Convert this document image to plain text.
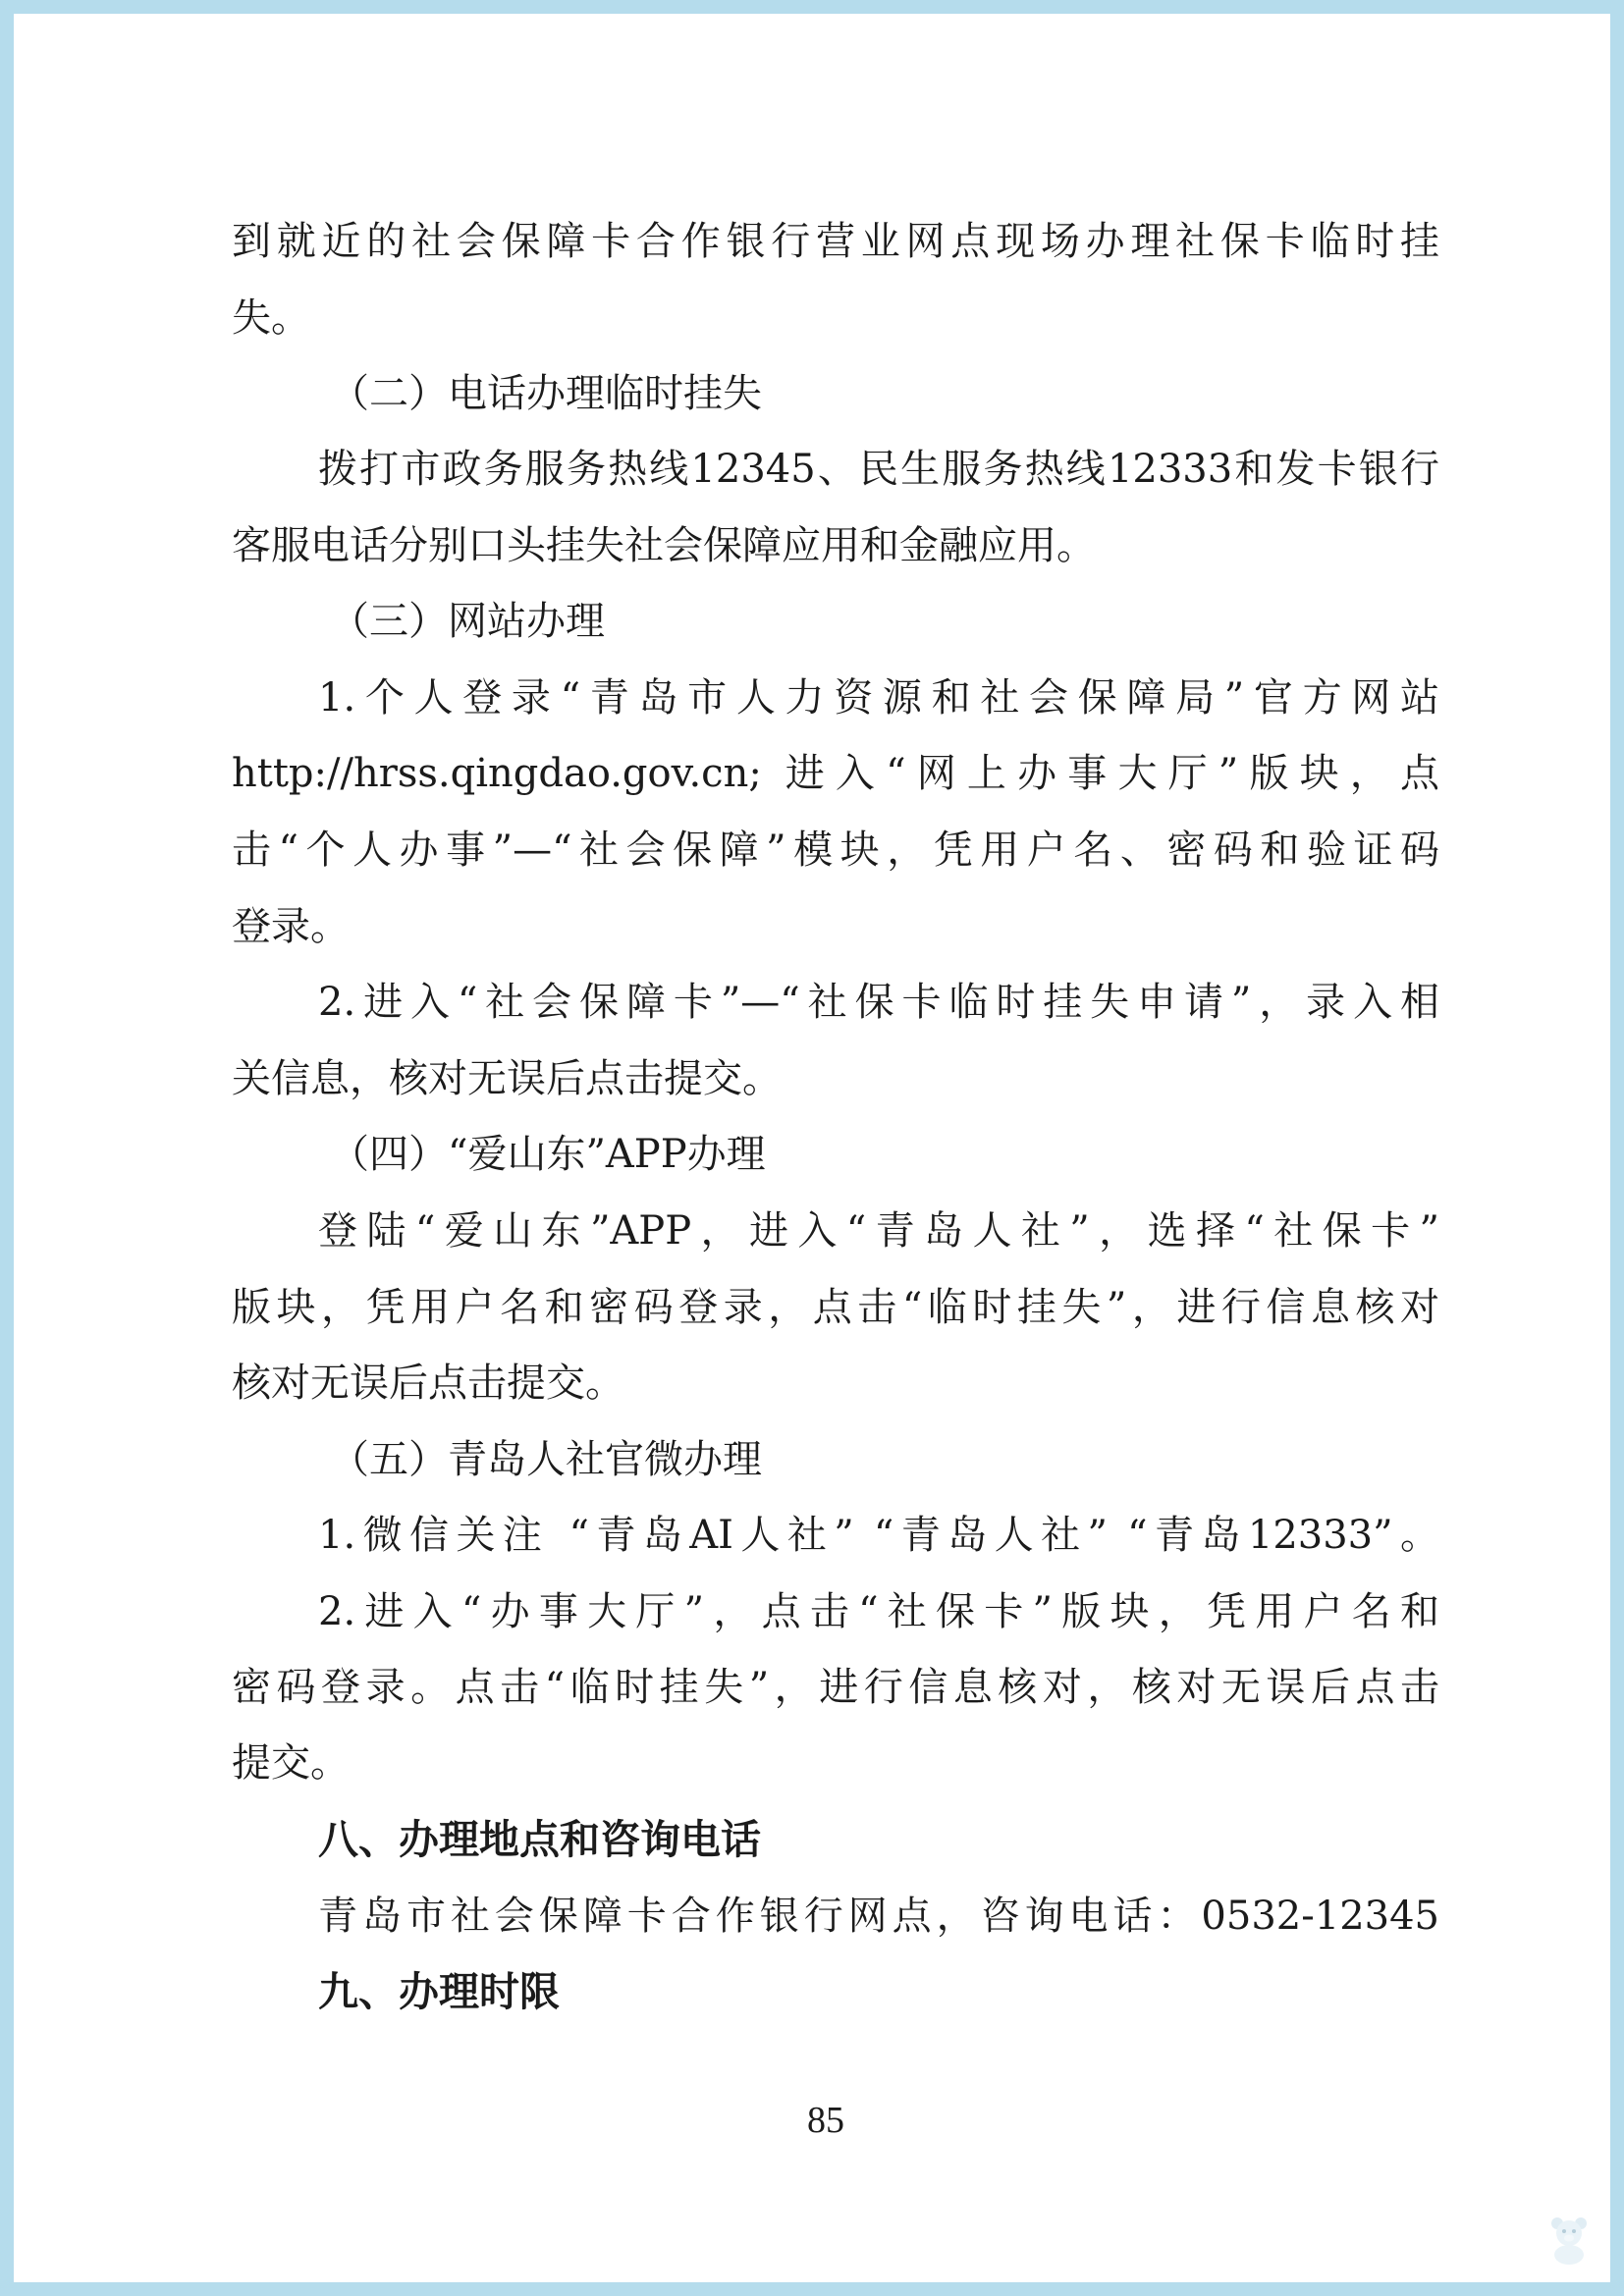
到就近的社会保障卡合作银行营业网点现场办理社保卡临时挂
失。
（二）电话办理临时挂失
拨打市政务服务热线12345、民生服务热线12333和发卡银行
客服电话分别口头挂失社会保障应用和金融应用。
（三）网站办理
1.个人登录“青岛市人力资源和社会保障局”官方网站
http://hrss.qingdao.gov.cn; 进入“网上办事大厅”版块，点
击“个人办事”—“社会保障”模块，凭用户名、密码和验证码
登录。
2.进入“社会保障卡”—“社保卡临时挂失申请”，录入相
关信息，核对无误后点击提交。
（四）“爱山东”APP办理
登陆“爱山东”APP，进入“青岛人社”，选择“社保卡”
版块，凭用户名和密码登录，点击“临时挂失”，进行信息核对
核对无误后点击提交。
（五）青岛人社官微办理
1.微信关注 “青岛AI人社” “青岛人社” “青岛12333”。
2.进入“办事大厅”，点击“社保卡”版块，凭用户名和
密码登录。点击“临时挂失”，进行信息核对，核对无误后点击
提交。
八、办理地点和咨询电话
青岛市社会保障卡合作银行网点，咨询电话：0532-12345
九、办理时限
85
